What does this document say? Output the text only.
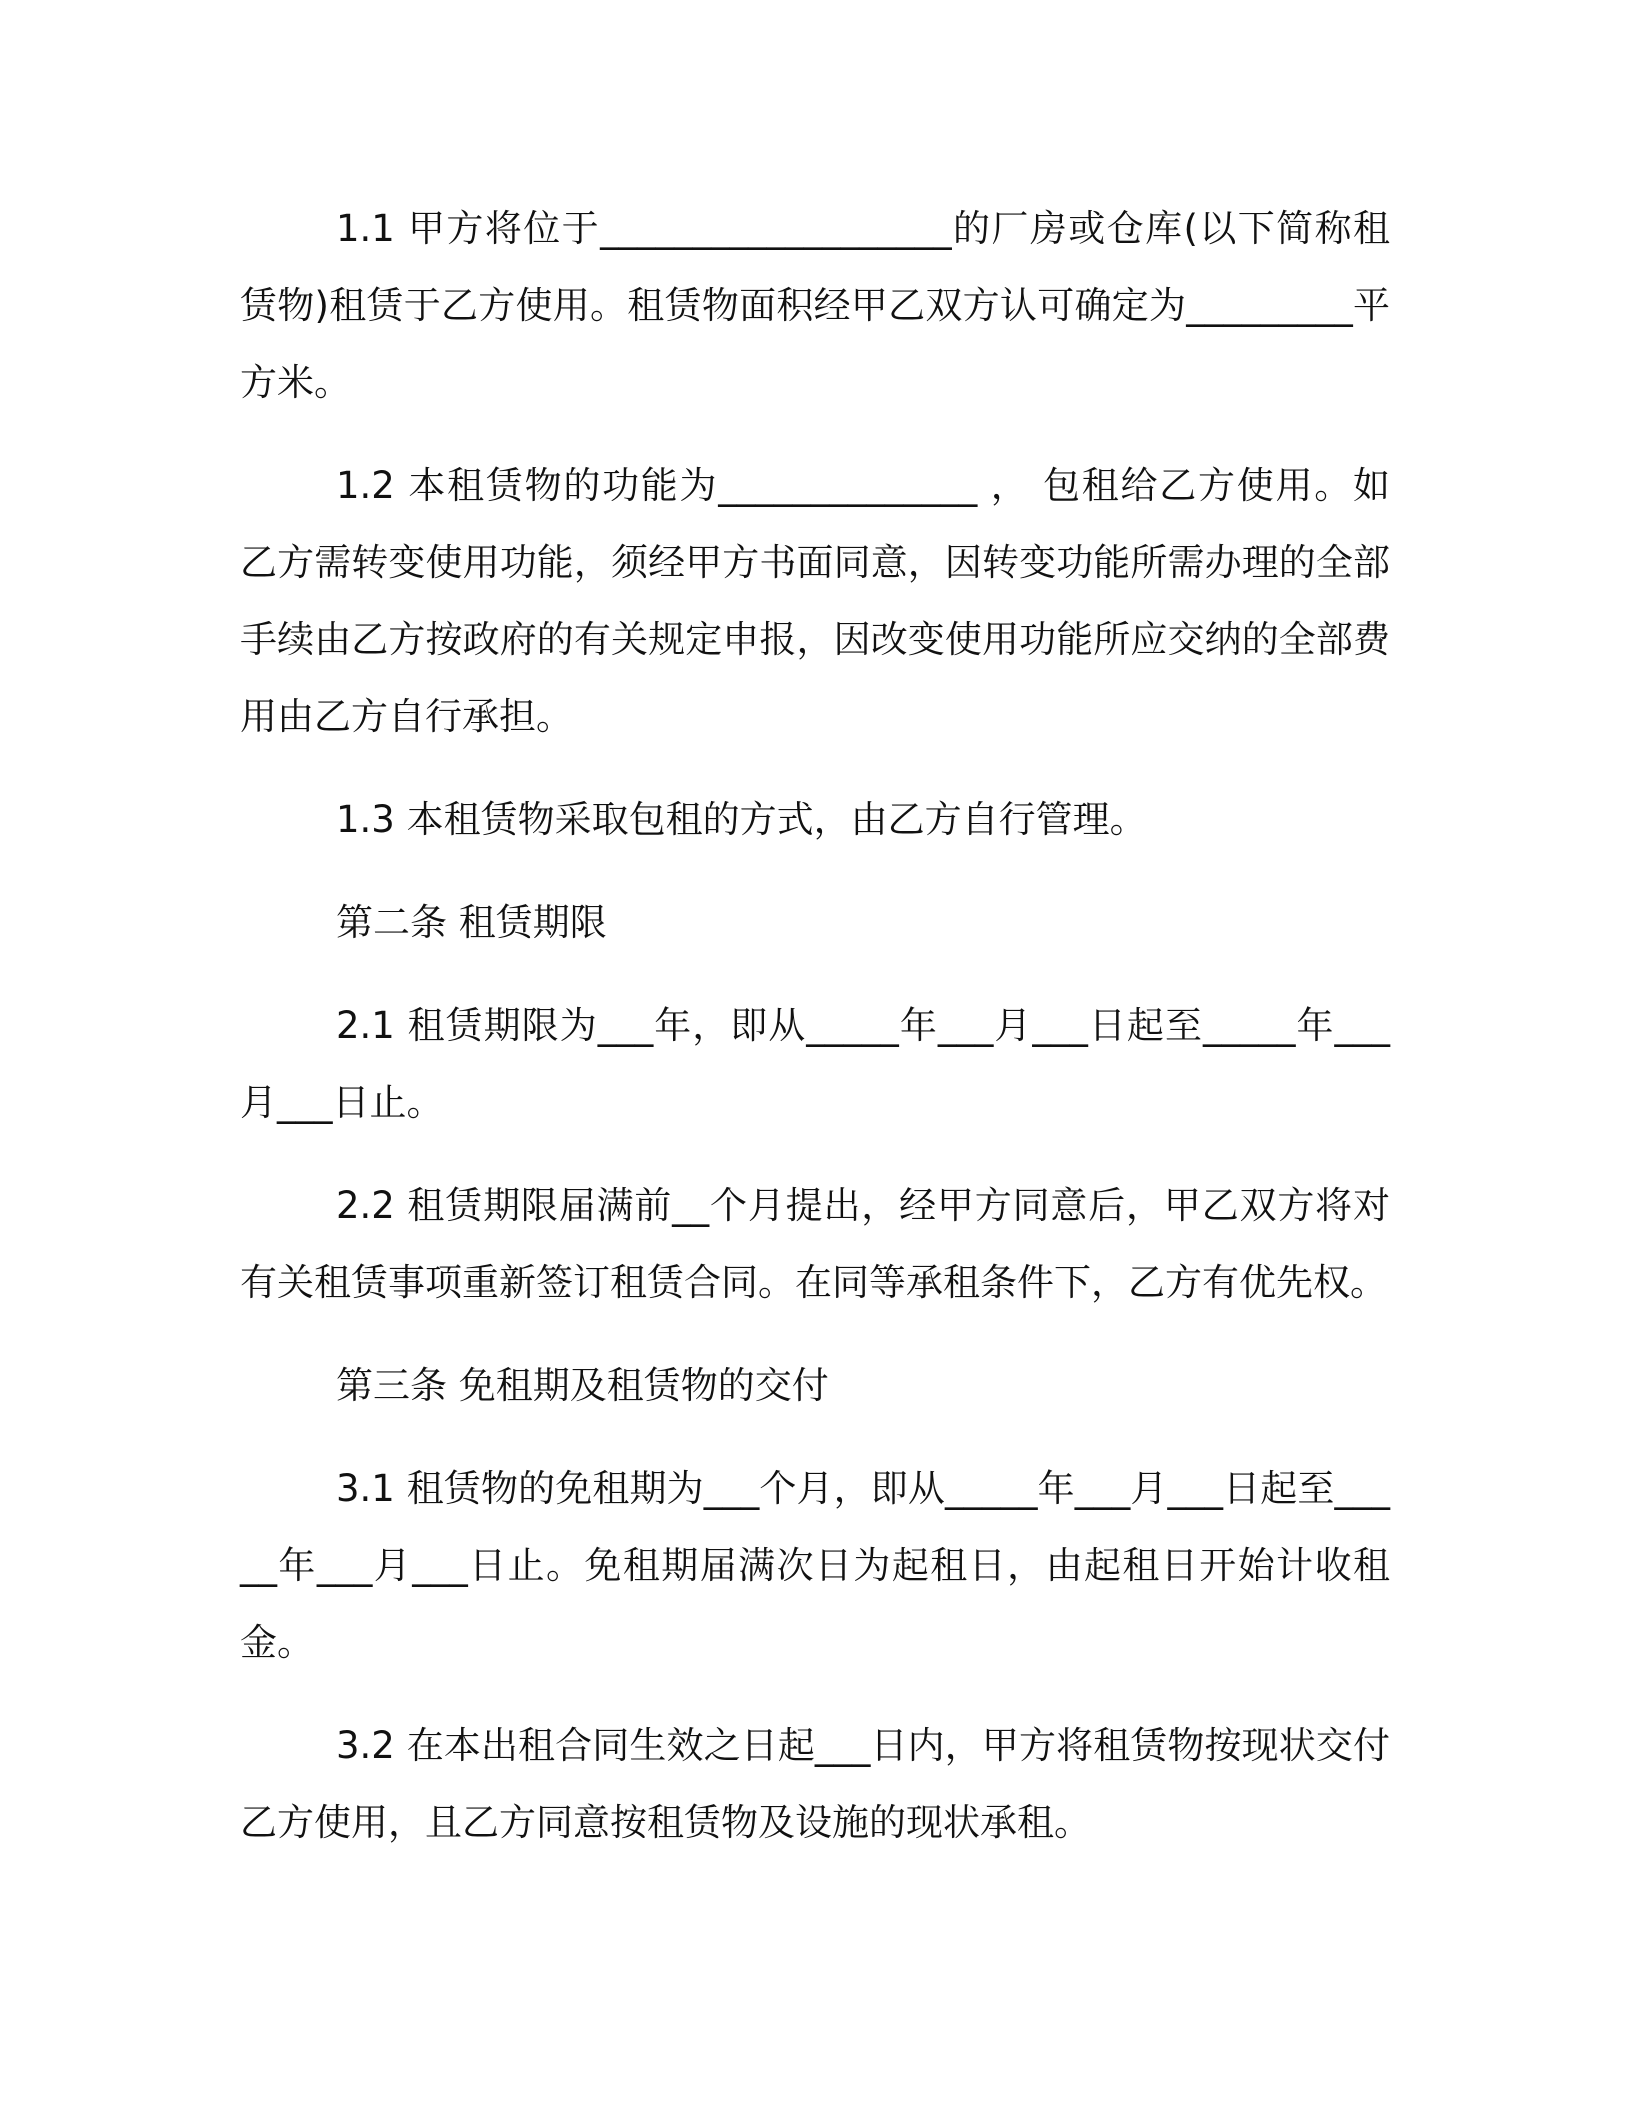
1.1 甲方将位于___________________的厂房或仓库(以下简称租赁物)租赁于乙方使用。租赁物面积经甲乙双方认可确定为_________平方米。

1.2 本租赁物的功能为______________ ， 包租给乙方使用。如乙方需转变使用功能，须经甲方书面同意，因转变功能所需办理的全部手续由乙方按政府的有关规定申报，因改变使用功能所应交纳的全部费用由乙方自行承担。

1.3 本租赁物采取包租的方式，由乙方自行管理。

第二条 租赁期限

2.1 租赁期限为___年，即从_____年___月___日起至_____年___月___日止。

2.2 租赁期限届满前__个月提出，经甲方同意后，甲乙双方将对有关租赁事项重新签订租赁合同。在同等承租条件下，乙方有优先权。

第三条 免租期及租赁物的交付

3.1 租赁物的免租期为___个月，即从_____年___月___日起至_____年___月___日止。免租期届满次日为起租日，由起租日开始计收租金。

3.2 在本出租合同生效之日起___日内，甲方将租赁物按现状交付乙方使用，且乙方同意按租赁物及设施的现状承租。
